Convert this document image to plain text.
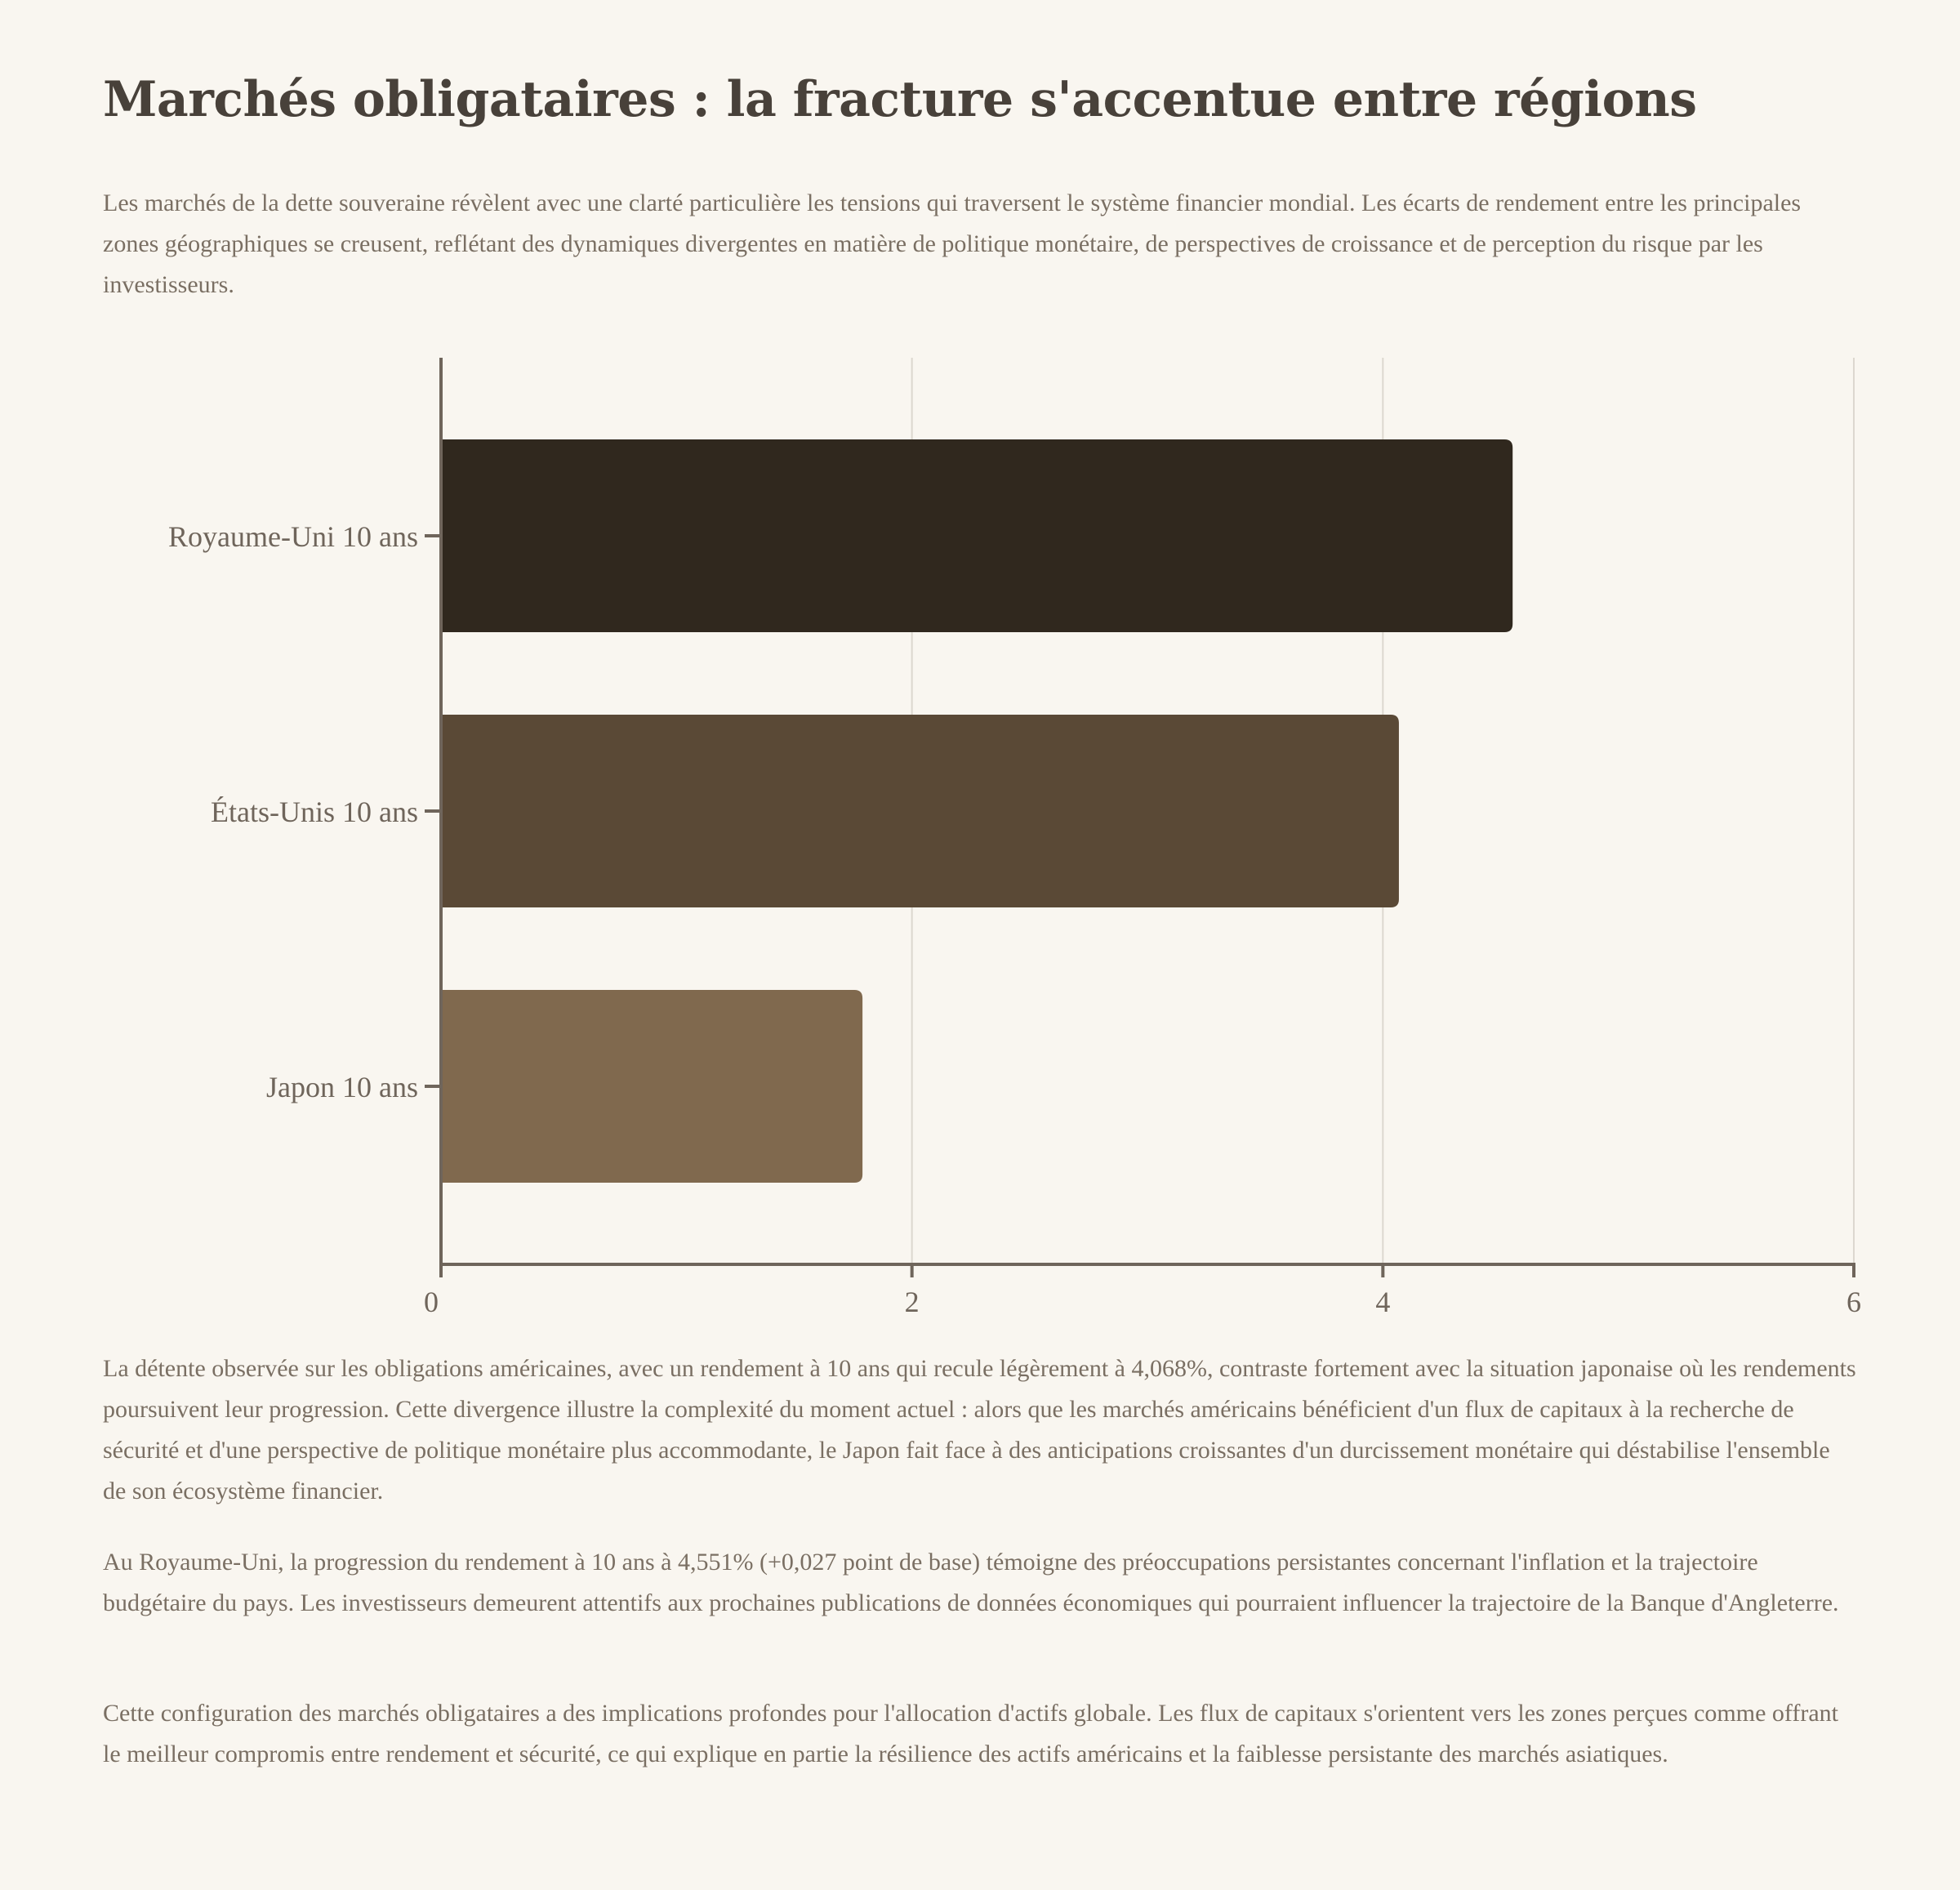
Marchés obligataires : la fracture s'accentue entre régions

Les marchés de la dette souveraine révèlent avec une clarté particulière les tensions qui traversent le système financier mondial. Les écarts de rendement entre les principales zones géographiques se creusent, reflétant des dynamiques divergentes en matière de politique monétaire, de perspectives de croissance et de perception du risque par les investisseurs.

La détente observée sur les obligations américaines, avec un rendement à 10 ans qui recule légèrement à 4,068%, contraste fortement avec la situation japonaise où les rendements poursuivent leur progression. Cette divergence illustre la complexité du moment actuel : alors que les marchés américains bénéficient d'un flux de capitaux à la recherche de sécurité et d'une perspective de politique monétaire plus accommodante, le Japon fait face à des anticipations croissantes d'un durcissement monétaire qui déstabilise l'ensemble de son écosystème financier.

Au Royaume-Uni, la progression du rendement à 10 ans à 4,551% (+0,027 point de base) témoigne des préoccupations persistantes concernant l'inflation et la trajectoire budgétaire du pays. Les investisseurs demeurent attentifs aux prochaines publications de données économiques qui pourraient influencer la trajectoire de la Banque d'Angleterre.

Cette configuration des marchés obligataires a des implications profondes pour l'allocation d'actifs globale. Les flux de capitaux s'orientent vers les zones perçues comme offrant le meilleur compromis entre rendement et sécurité, ce qui explique en partie la résilience des actifs américains et la faiblesse persistante des marchés asiatiques.

0	2	4	6
Royaume-Uni 10 ans
États-Unis 10 ans
Japon 10 ans
